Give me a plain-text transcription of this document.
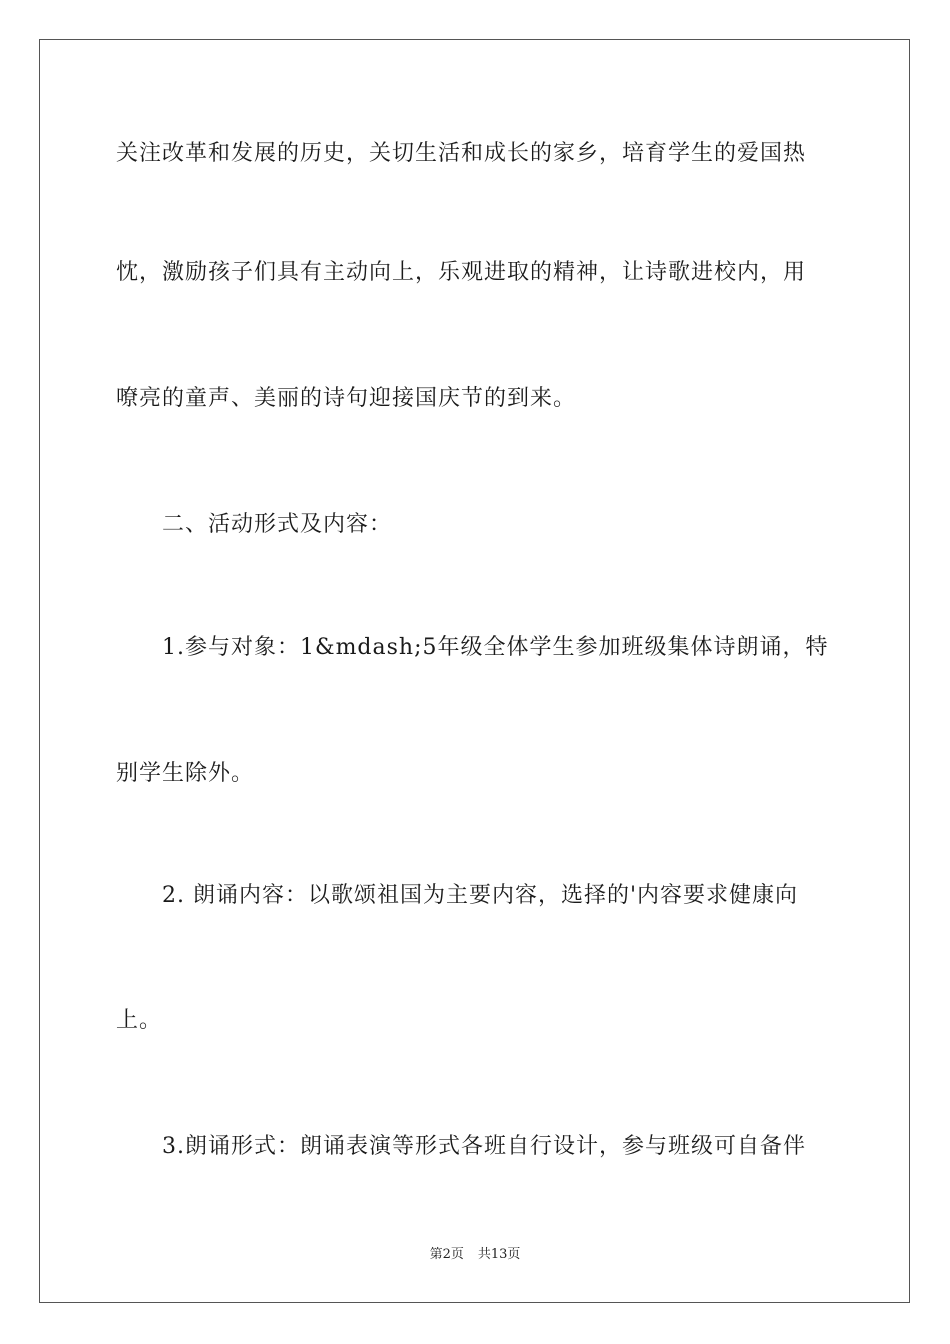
关注改革和发展的历史，关切生活和成长的家乡，培育学生的爱国热
忱，激励孩子们具有主动向上，乐观进取的精神，让诗歌进校内，用
嘹亮的童声、美丽的诗句迎接国庆节的到来。
　　二、活动形式及内容：
　　1.参与对象：1&mdash;5年级全体学生参加班级集体诗朗诵，特
别学生除外。
　　2. 朗诵内容：以歌颂祖国为主要内容，选择的'内容要求健康向
上。
　　3.朗诵形式：朗诵表演等形式各班自行设计，参与班级可自备伴
第2页 共13页
